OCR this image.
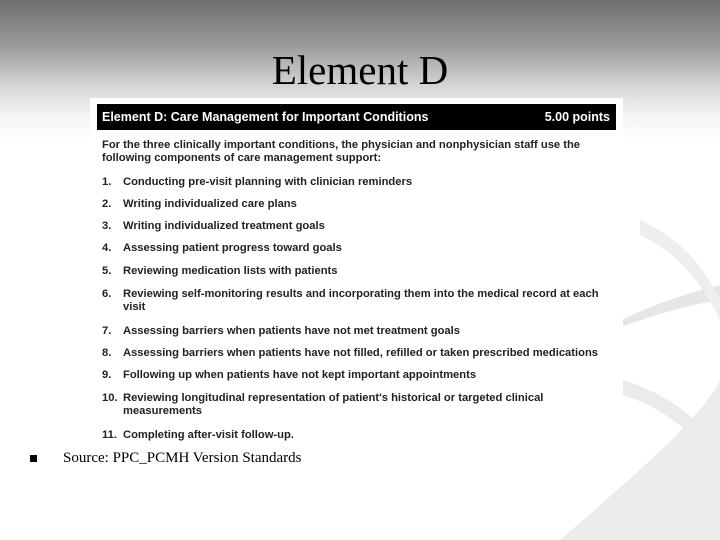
Element D
Element D: Care Management for Important Conditions	5.00 points
For the three clinically important conditions, the physician and nonphysician staff use the following components of care management support:
1.	Conducting pre-visit planning with clinician reminders
2.	Writing individualized care plans
3.	Writing individualized treatment goals
4.	Assessing patient progress toward goals
5.	Reviewing medication lists with patients
6.	Reviewing self-monitoring results and incorporating them into the medical record at each visit
7.	Assessing barriers when patients have not met treatment goals
8.	Assessing barriers when patients have not filled, refilled or taken prescribed medications
9.	Following up when patients have not kept important appointments
10. Reviewing longitudinal representation of patient's historical or targeted clinical measurements
11. Completing after-visit follow-up.
Source: PPC_PCMH Version Standards
